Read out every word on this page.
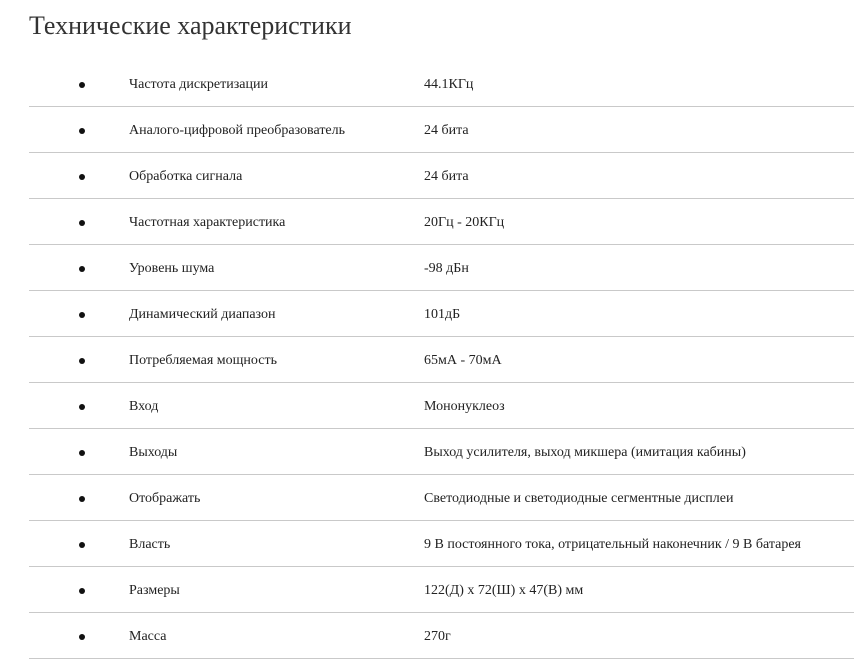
Технические характеристики
Частота дискретизации	44.1КГц
Аналого-цифровой преобразователь	24 бита
Обработка сигнала	24 бита
Частотная характеристика	20Гц - 20КГц
Уровень шума	-98 дБн
Динамический диапазон	101дБ
Потребляемая мощность	65мА - 70мА
Вход	Мононуклеоз
Выходы	Выход усилителя, выход микшера (имитация кабины)
Отображать	Светодиодные и светодиодные сегментные дисплеи
Власть	9 В постоянного тока, отрицательный наконечник / 9 В батарея
Размеры	122(Д) x 72(Ш) x 47(В) мм
Масса	270г
